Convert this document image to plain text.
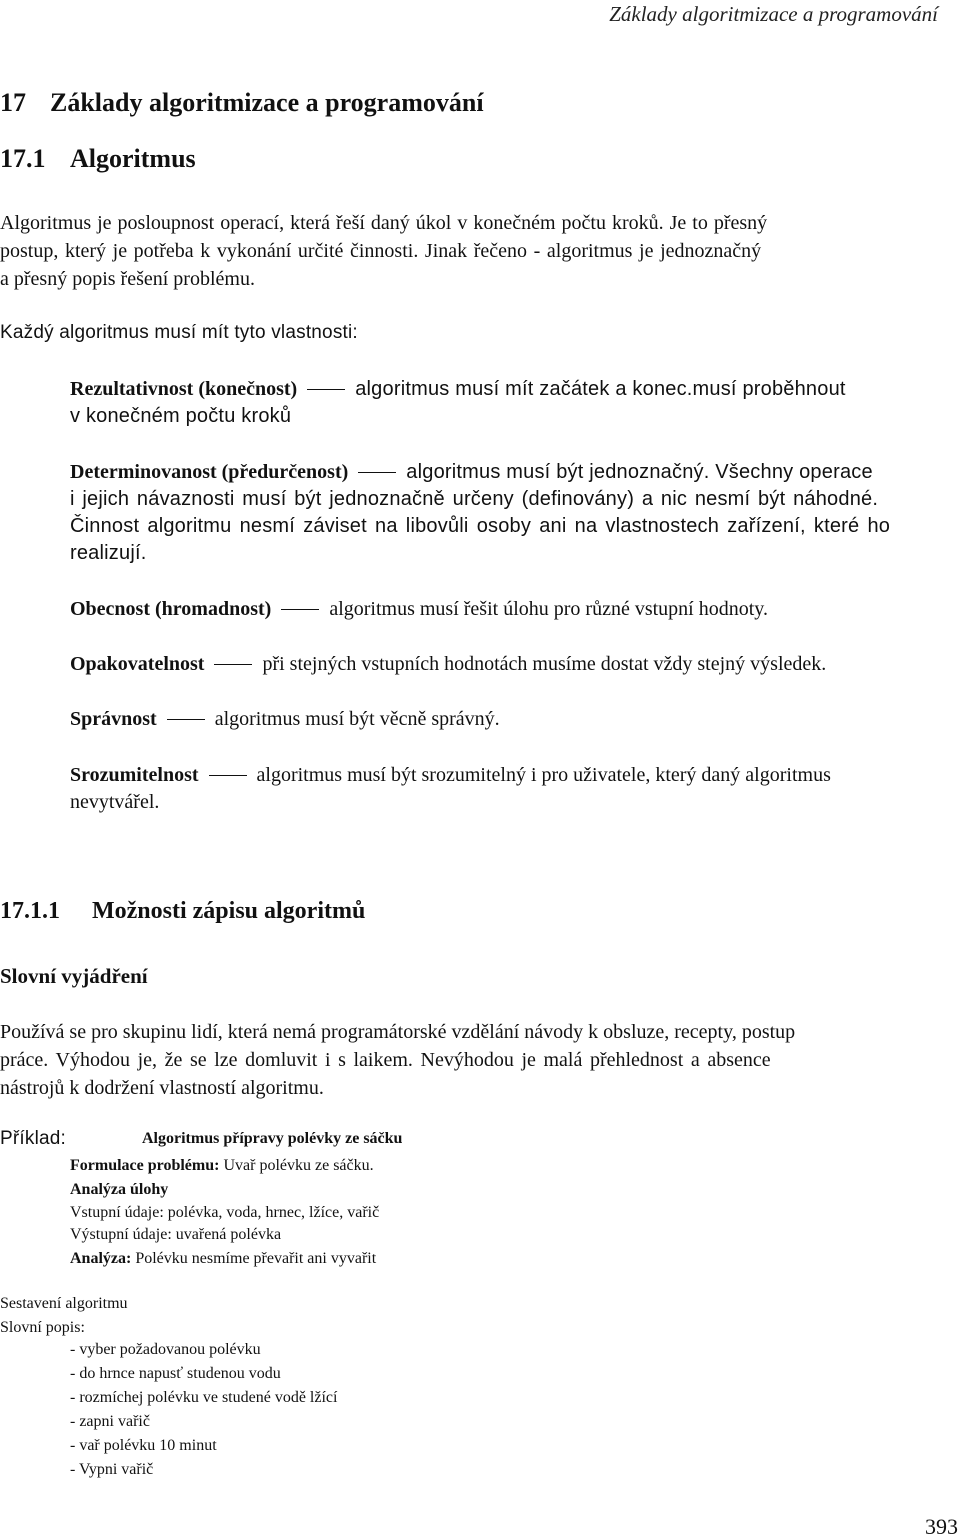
Základy algoritmizace a programování
17 Základy algoritmizace a programování
17.1 Algoritmus
Algoritmus je posloupnost operací, která řeší daný úkol v konečném počtu kroků. Je to přesný
postup, který je potřeba k vykonání určité činnosti. Jinak řečeno - algoritmus je jednoznačný
a přesný popis řešení problému.
Každý algoritmus musí mít tyto vlastnosti:
Rezultativnost (konečnost)	algoritmus musí mít začátek a konec.musí proběhnout
v konečném počtu kroků
Determinovanost (předurčenost)	algoritmus musí být jednoznačný. Všechny operace
i jejich návaznosti musí být jednoznačně určeny (definovány) a nic nesmí být náhodné.
Činnost algoritmu nesmí záviset na libovůli osoby ani na vlastnostech zařízení, které ho
realizují.
Obecnost (hromadnost)	algoritmus musí řešit úlohu pro různé vstupní hodnoty.
Opakovatelnost	při stejných vstupních hodnotách musíme dostat vždy stejný výsledek.
Správnost	algoritmus musí být věcně správný.
Srozumitelnost	algoritmus musí být srozumitelný i pro uživatele, který daný algoritmus
nevytvářel.
17.1.1 Možnosti zápisu algoritmů
Slovní vyjádření
Používá se pro skupinu lidí, která nemá programátorské vzdělání návody k obsluze, recepty, postup
práce. Výhodou je, že se lze domluvit i s laikem. Nevýhodou je malá přehlednost a absence
nástrojů k dodržení vlastností algoritmu.
Příklad:	Algoritmus přípravy polévky ze sáčku
Formulace problému: Uvař polévku ze sáčku.
Analýza úlohy
Vstupní údaje: polévka, voda, hrnec, lžíce, vařič
Výstupní údaje: uvařená polévka
Analýza: Polévku nesmíme převařit ani vyvařit
Sestavení algoritmu
Slovní popis:
- vyber požadovanou polévku
- do hrnce napusť studenou vodu
- rozmíchej polévku ve studené vodě lžící
- zapni vařič
- vař polévku 10 minut
- Vypni vařič
393
